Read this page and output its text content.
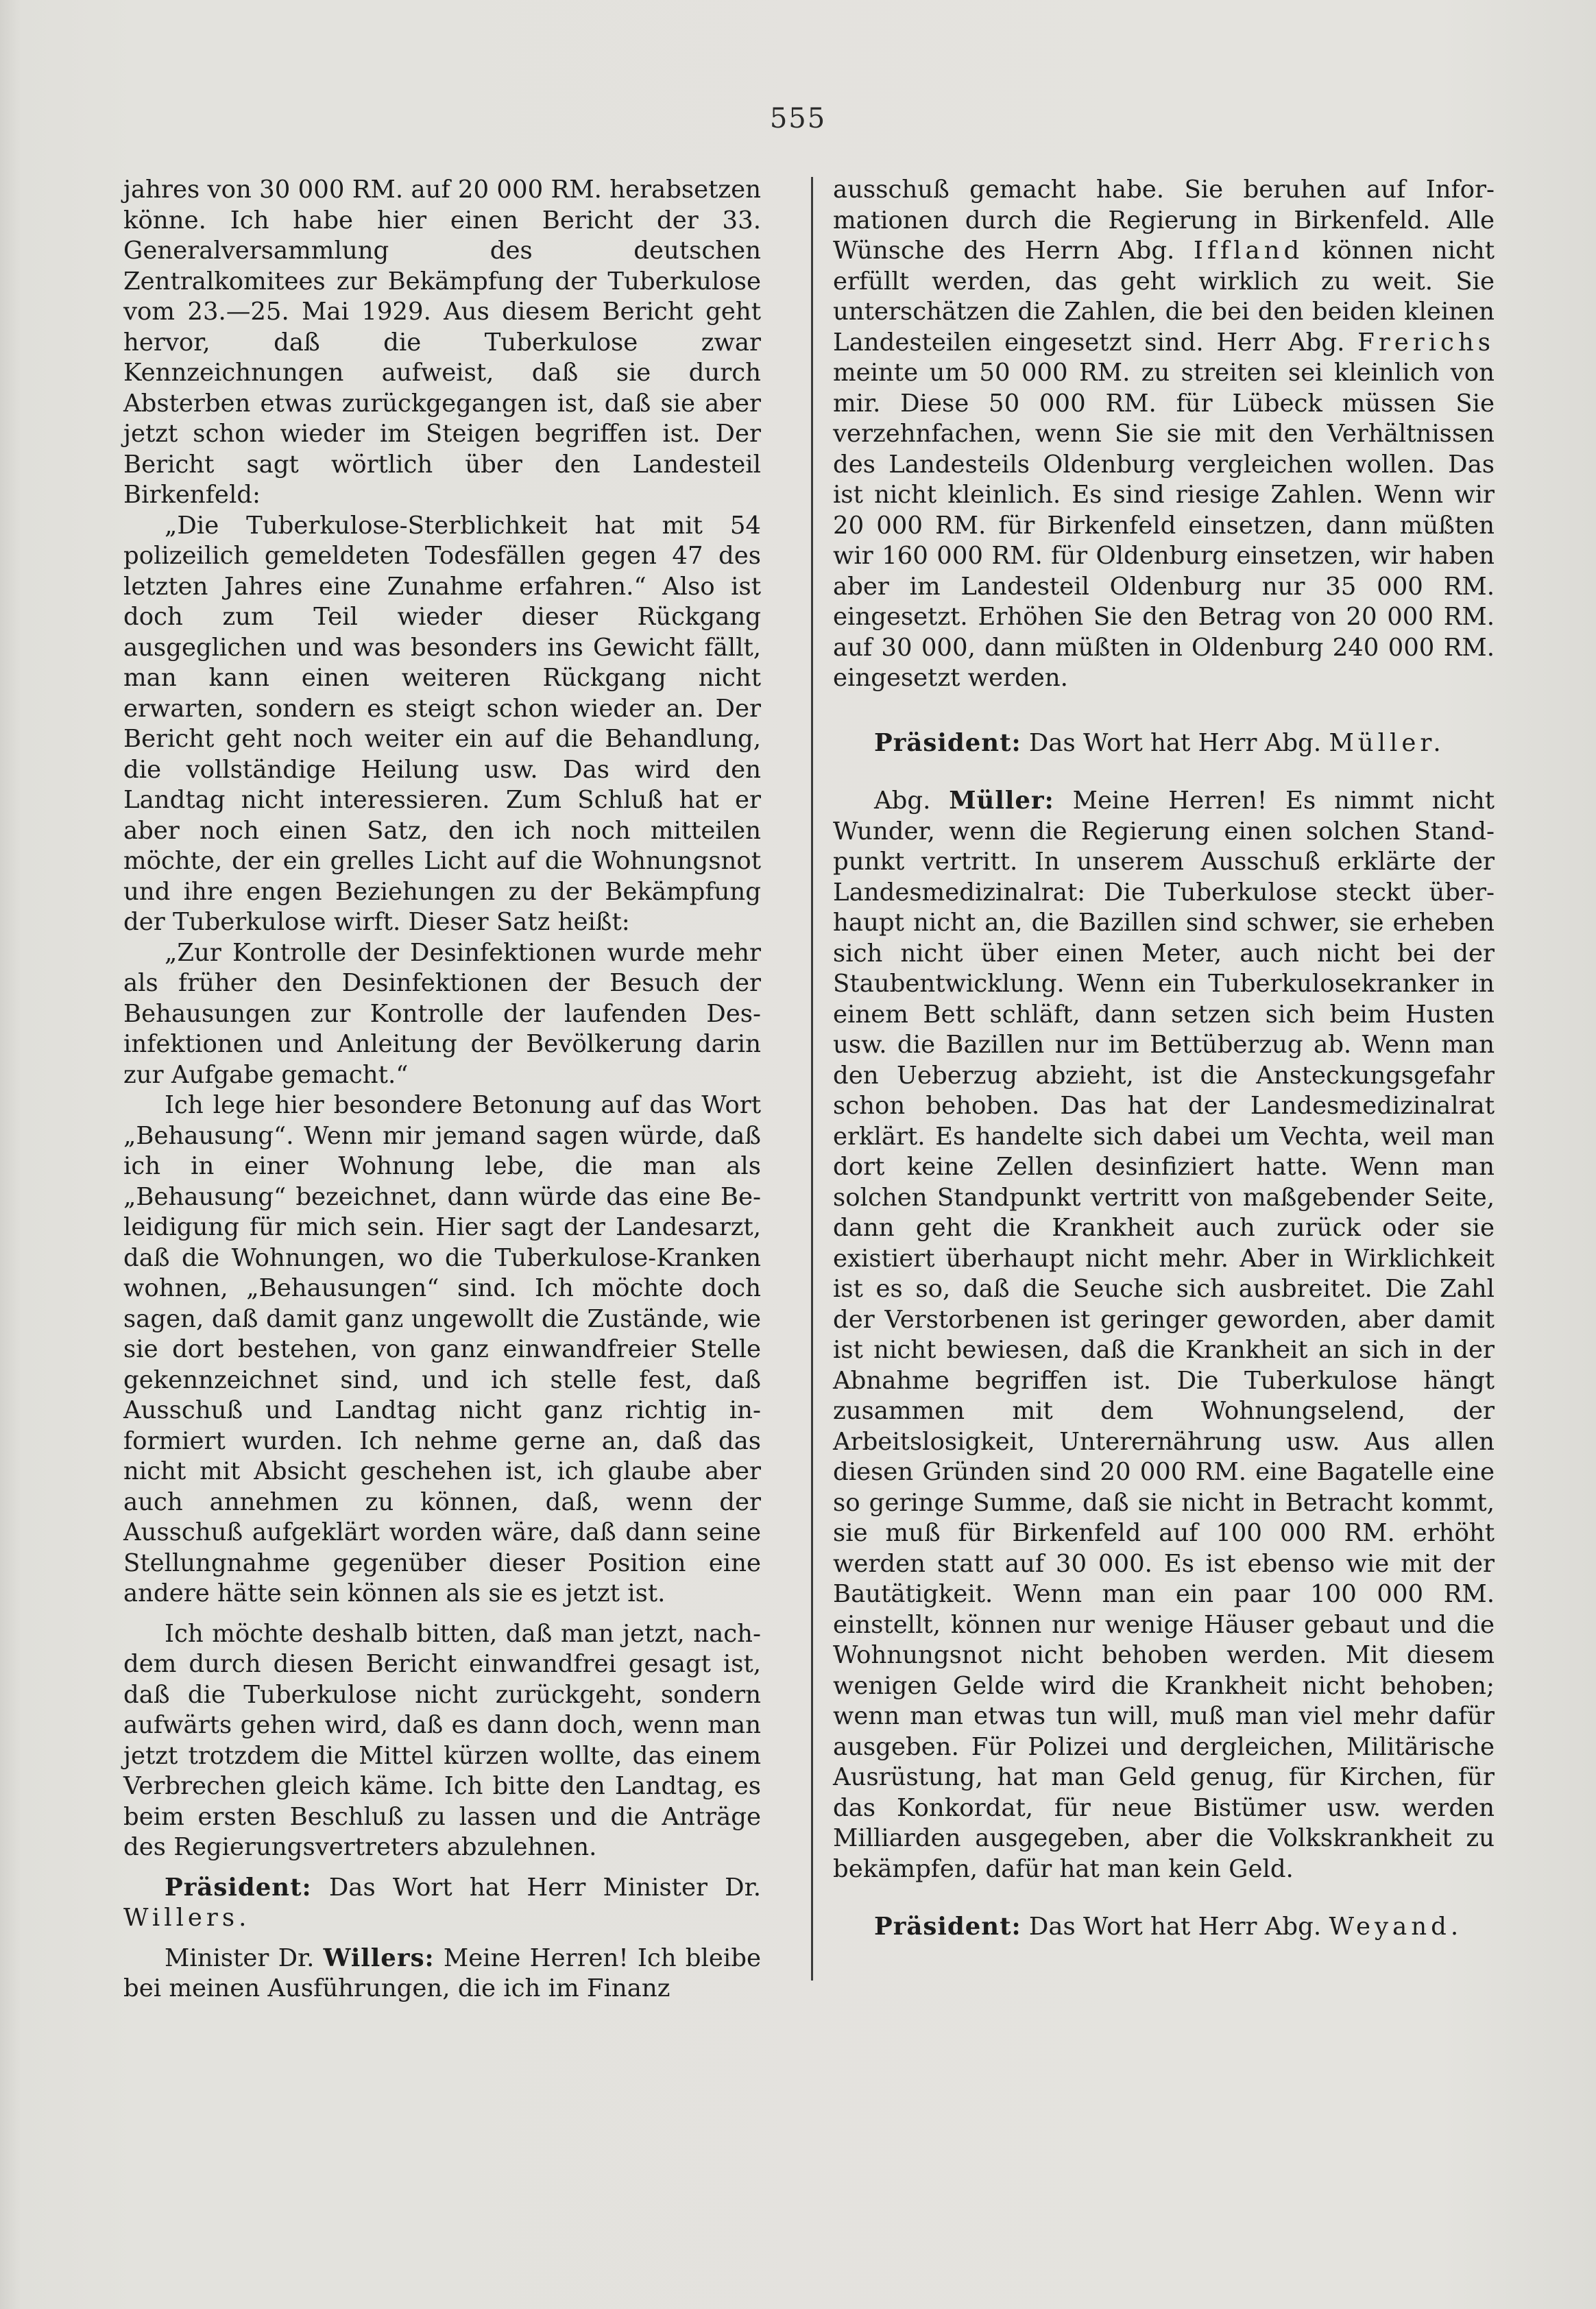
555

jahres von 30 000 RM. auf 20 000 RM. herabsetzen könne. Ich habe hier einen Bericht der 33. Generalversammlung des deutschen Zentralkomitees zur Bekämpfung der Tuberkulose vom 23.—25. Mai 1929. Aus diesem Bericht geht hervor, daß die Tuberkulose zwar Kennzeichnungen aufweist, daß sie durch Absterben etwas zurückgegangen ist, daß sie aber jetzt schon wieder im Steigen begriffen ist. Der Bericht sagt wörtlich über den Landesteil Birkenfeld:

„Die Tuberkulose-Sterblichkeit hat mit 54 polizeilich gemeldeten Todesfällen gegen 47 des letzten Jahres eine Zunahme erfahren.“ Also ist doch zum Teil wieder dieser Rückgang ausgeglichen und was besonders ins Gewicht fällt, man kann einen weiteren Rückgang nicht erwarten, sondern es steigt schon wieder an. Der Bericht geht noch weiter ein auf die Behandlung, die vollständige Heilung usw. Das wird den Landtag nicht interessieren. Zum Schluß hat er aber noch einen Satz, den ich noch mitteilen möchte, der ein grelles Licht auf die Wohnungsnot und ihre engen Beziehungen zu der Bekämpfung der Tuberkulose wirft. Dieser Satz heißt:

„Zur Kontrolle der Desinfektionen wurde mehr als früher den Desinfektionen der Besuch der Behausungen zur Kontrolle der laufenden Desinfektionen und Anleitung der Bevölkerung darin zur Aufgabe gemacht.“

Ich lege hier besondere Betonung auf das Wort „Behausung“. Wenn mir jemand sagen würde, daß ich in einer Wohnung lebe, die man als „Behausung“ bezeichnet, dann würde das eine Beleidigung für mich sein. Hier sagt der Landesarzt, daß die Wohnungen, wo die Tuberkulose-Kranken wohnen, „Behausungen“ sind. Ich möchte doch sagen, daß damit ganz ungewollt die Zustände, wie sie dort bestehen, von ganz einwandfreier Stelle gekennzeichnet sind, und ich stelle fest, daß Ausschuß und Landtag nicht ganz richtig informiert wurden. Ich nehme gerne an, daß das nicht mit Absicht geschehen ist, ich glaube aber auch annehmen zu können, daß, wenn der Ausschuß aufgeklärt worden wäre, daß dann seine Stellungnahme gegenüber dieser Position eine andere hätte sein können als sie es jetzt ist.

Ich möchte deshalb bitten, daß man jetzt, nachdem durch diesen Bericht einwandfrei gesagt ist, daß die Tuberkulose nicht zurückgeht, sondern aufwärts gehen wird, daß es dann doch, wenn man jetzt trotzdem die Mittel kürzen wollte, das einem Verbrechen gleich käme. Ich bitte den Landtag, es beim ersten Beschluß zu lassen und die Anträge des Regierungsvertreters abzulehnen.

Präsident: Das Wort hat Herr Minister Dr. Willers.

Minister Dr. Willers: Meine Herren! Ich bleibe bei meinen Ausführungen, die ich im Finanz

ausschuß gemacht habe. Sie beruhen auf Informationen durch die Regierung in Birkenfeld. Alle Wünsche des Herrn Abg. Iffland können nicht erfüllt werden, das geht wirklich zu weit. Sie unterschätzen die Zahlen, die bei den beiden kleinen Landesteilen eingesetzt sind. Herr Abg. Frerichs meinte um 50 000 RM. zu streiten sei kleinlich von mir. Diese 50 000 RM. für Lübeck müssen Sie verzehnfachen, wenn Sie sie mit den Verhältnissen des Landesteils Oldenburg vergleichen wollen. Das ist nicht kleinlich. Es sind riesige Zahlen. Wenn wir 20 000 RM. für Birkenfeld einsetzen, dann müßten wir 160 000 RM. für Oldenburg einsetzen, wir haben aber im Landesteil Oldenburg nur 35 000 RM. eingesetzt. Erhöhen Sie den Betrag von 20 000 RM. auf 30 000, dann müßten in Oldenburg 240 000 RM. eingesetzt werden.

Präsident: Das Wort hat Herr Abg. Müller.

Abg. Müller: Meine Herren! Es nimmt nicht Wunder, wenn die Regierung einen solchen Standpunkt vertritt. In unserem Ausschuß erklärte der Landesmedizinalrat: Die Tuberkulose steckt überhaupt nicht an, die Bazillen sind schwer, sie erheben sich nicht über einen Meter, auch nicht bei der Staubentwicklung. Wenn ein Tuberkulosekranker in einem Bett schläft, dann setzen sich beim Husten usw. die Bazillen nur im Bettüberzug ab. Wenn man den Ueberzug abzieht, ist die Ansteckungsgefahr schon behoben. Das hat der Landesmedizinalrat erklärt. Es handelte sich dabei um Vechta, weil man dort keine Zellen desinfiziert hatte. Wenn man solchen Standpunkt vertritt von maßgebender Seite, dann geht die Krankheit auch zurück oder sie existiert überhaupt nicht mehr. Aber in Wirklichkeit ist es so, daß die Seuche sich ausbreitet. Die Zahl der Verstorbenen ist geringer geworden, aber damit ist nicht bewiesen, daß die Krankheit an sich in der Abnahme begriffen ist. Die Tuberkulose hängt zusammen mit dem Wohnungselend, der Arbeitslosigkeit, Unterernährung usw. Aus allen diesen Gründen sind 20 000 RM. eine Bagatelle eine so geringe Summe, daß sie nicht in Betracht kommt, sie muß für Birkenfeld auf 100 000 RM. erhöht werden statt auf 30 000. Es ist ebenso wie mit der Bautätigkeit. Wenn man ein paar 100 000 RM. einstellt, können nur wenige Häuser gebaut und die Wohnungsnot nicht behoben werden. Mit diesem wenigen Gelde wird die Krankheit nicht behoben; wenn man etwas tun will, muß man viel mehr dafür ausgeben. Für Polizei und dergleichen, Militärische Ausrüstung, hat man Geld genug, für Kirchen, für das Konkordat, für neue Bistümer usw. werden Milliarden ausgegeben, aber die Volkskrankheit zu bekämpfen, dafür hat man kein Geld.

Präsident: Das Wort hat Herr Abg. Weyand.
